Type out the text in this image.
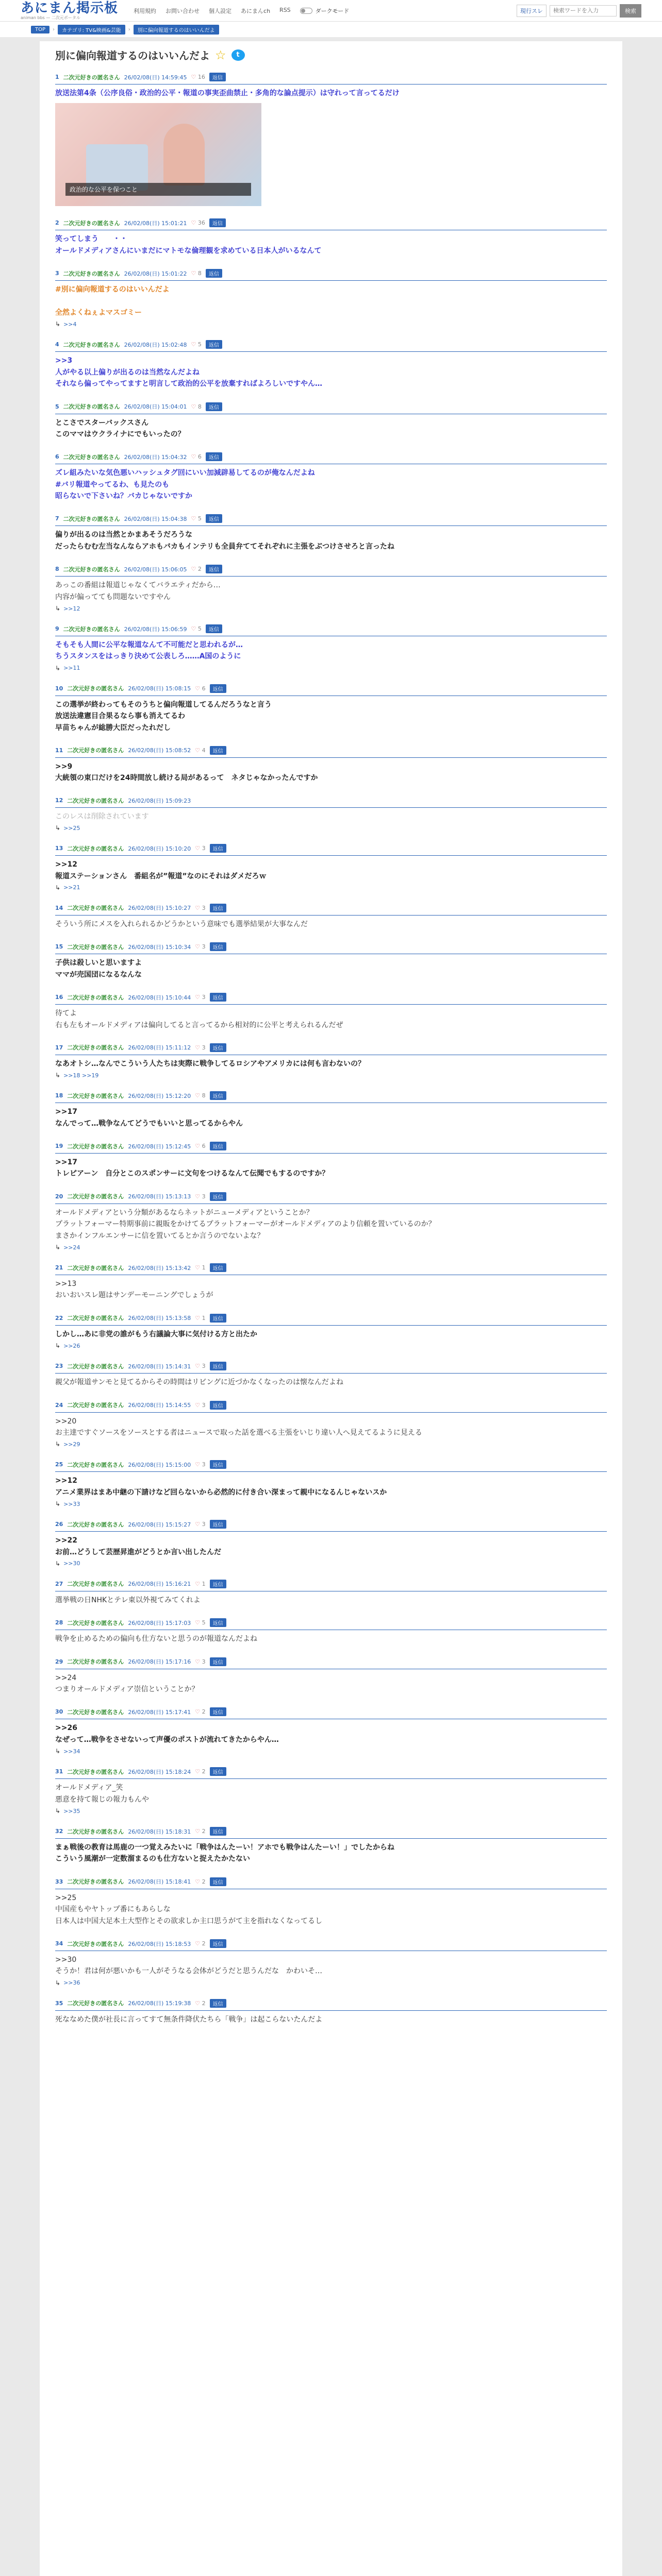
あにまん掲示板
animan bbs — 二次元ポータル
利用規約 お問い合わせ 個人設定 あにまんch RSS	ダークモード	現行スレ
検索ワードを入力	検索
TOP	›	カテゴリ: TV&映画&芸能	›	別に偏向報道するのはいいんだよ
別に偏向報道するのはいいんだよ ☆	t
1 二次元好きの匿名さん 26/02/08(日) 14:59:45 ♡ 16	返信
放送法第4条（公序良俗・政治的公平・報道の事実歪曲禁止・多角的な論点提示）は守れって言ってるだけ
政治的な公平を保つこと
2 二次元好きの匿名さん 26/02/08(日) 15:01:21 ♡ 36	返信
笑ってしまう　　・・
オールドメディアさんにいまだにマトモな倫理観を求めている日本人がいるなんて
3 二次元好きの匿名さん 26/02/08(日) 15:01:22 ♡ 8	返信
#別に偏向報道するのはいいんだよ

全然よくねぇよマスゴミー
↳ >>4
4 二次元好きの匿名さん 26/02/08(日) 15:02:48 ♡ 5	返信
>>3
人がやる以上偏りが出るのは当然なんだよね
それなら偏ってやってますと明言して政治的公平を放棄すればよろしいですやん…
5 二次元好きの匿名さん 26/02/08(日) 15:04:01 ♡ 8	返信
とこさでスターバックスさん
このママはウクライナにでもいったの？
6 二次元好きの匿名さん 26/02/08(日) 15:04:32 ♡ 6	返信
ズレ組みたいな気色悪いハッシュタグ回にいい加減辟易してるのが俺なんだよね
#バリ報道やってるわ、も見たのも
昭らないで下さいね？バカじゃないですか
7 二次元好きの匿名さん 26/02/08(日) 15:04:38 ♡ 5	返信
偏りが出るのは当然とかまあそうだろうな
だったらむむ左当なんならアホもバカもインテリも全員弁ててそれぞれに主張をぶつけさせろと言ったね
8 二次元好きの匿名さん 26/02/08(日) 15:06:05 ♡ 2	返信
あっこの番組は報道じゃなくてバラエティだから…
内容が偏ってても問題ないですやん
↳ >>12
9 二次元好きの匿名さん 26/02/08(日) 15:06:59 ♡ 5	返信
そもそも人間に公平な報道なんて不可能だと思われるが…
ちうスタンスをはっきり決めて公表しろ……A国のように
↳ >>11
10 二次元好きの匿名さん 26/02/08(日) 15:08:15 ♡ 6	返信
この選挙が終わってもそのうちと偏向報道してるんだろうなと言う
放送法違憲目合果るなら事も消えてるわ
早苗ちゃんが総勝大臣だったれだし
11 二次元好きの匿名さん 26/02/08(日) 15:08:52 ♡ 4	返信
>>9
大統領の東口だけを24時間放し続ける局があるって　ネタじゃなかったんですか
12 二次元好きの匿名さん 26/02/08(日) 15:09:23
このレスは削除されています
↳ >>25
13 二次元好きの匿名さん 26/02/08(日) 15:10:20 ♡ 3	返信
>>12
報道ステーションさん　番組名が”報道”なのにそれはダメだろｗ
↳ >>21
14 二次元好きの匿名さん 26/02/08(日) 15:10:27 ♡ 3	返信
そういう所にメスを入れられるかどうかという意味でも選挙結果が大事なんだ
15 二次元好きの匿名さん 26/02/08(日) 15:10:34 ♡ 3	返信
子供は殺しいと思いますよ
ママが売国団になるなんな
16 二次元好きの匿名さん 26/02/08(日) 15:10:44 ♡ 3	返信
待てよ
右も左もオールドメディアは偏向してると言ってるから相対的に公平と考えられるんだぜ
17 二次元好きの匿名さん 26/02/08(日) 15:11:12 ♡ 3	返信
なあオトシ…なんでこういう人たちは実際に戦争してるロシアやアメリカには何も言わないの？
↳ >>18 >>19
18 二次元好きの匿名さん 26/02/08(日) 15:12:20 ♡ 8	返信
>>17
なんでって…戦争なんてどうでもいいと思ってるからやん
19 二次元好きの匿名さん 26/02/08(日) 15:12:45 ♡ 6	返信
>>17
トレピアーン　自分とこのスポンサーに文句をつけるなんて伝聞でもするのですか？
20 二次元好きの匿名さん 26/02/08(日) 15:13:13 ♡ 3	返信
オールドメディアという分類があるならネットがニューメディアということか？
プラットフォーマー特期事前に親販をかけてるプラットフォーマーがオールドメディアのより信頼を置いているのか？
まさかインフルエンサーに信を置いてるとか言うのでないよな？
↳ >>24
21 二次元好きの匿名さん 26/02/08(日) 15:13:42 ♡ 1	返信
>>13
おいおいスレ題はサンデーモーニングでしょうが
22 二次元好きの匿名さん 26/02/08(日) 15:13:58 ♡ 1	返信
しかし…あに非党の誰がもう右議論大事に気付ける方と出たか
↳ >>26
23 二次元好きの匿名さん 26/02/08(日) 15:14:31 ♡ 3	返信
親父が報道サンモと見てるからその時間はリビングに近づかなくなったのは懐なんだよね
24 二次元好きの匿名さん 26/02/08(日) 15:14:55 ♡ 3	返信
>>20
お主達ですぐソースをソースとする者はニュースで取った話を選べる主張をいじり違い人へ見えてるように見える
↳ >>29
25 二次元好きの匿名さん 26/02/08(日) 15:15:00 ♡ 3	返信
>>12
アニメ業界はまあ中継の下請けなど回らないから必然的に付き合い深まって親中になるんじゃないスか
↳ >>33
26 二次元好きの匿名さん 26/02/08(日) 15:15:27 ♡ 3	返信
>>22
お前…どうして芸歴昇進がどうとか言い出したんだ
↳ >>30
27 二次元好きの匿名さん 26/02/08(日) 15:16:21 ♡ 1	返信
選挙戦の日NHKとテレ東以外視てみてくれよ
28 二次元好きの匿名さん 26/02/08(日) 15:17:03 ♡ 5	返信
戦争を止めるための偏向も仕方ないと思うのが報道なんだよね
29 二次元好きの匿名さん 26/02/08(日) 15:17:16 ♡ 3	返信
>>24
つまりオールドメディア崇信ということか？
30 二次元好きの匿名さん 26/02/08(日) 15:17:41 ♡ 2	返信
>>26
なぜって…戦争をさせないって声優のポストが流れてきたからやん…
↳ >>34
31 二次元好きの匿名さん 26/02/08(日) 15:18:24 ♡ 2	返信
オールドメディア_笑
悪意を持て報じの報力もんや
↳ >>35
32 二次元好きの匿名さん 26/02/08(日) 15:18:31 ♡ 2	返信
まぁ戦後の教育は馬鹿の一つ覚えみたいに「戦争はんたーい！アホでも戦争はんたーい！」でしたからね
こういう風潮が一定数溜まるのも仕方ないと捉えたかたない
33 二次元好きの匿名さん 26/02/08(日) 15:18:41 ♡ 2	返信
>>25
中国産もやヤトップ番にもあらしな
日本人は中国大足本土大型作とその欲求しか主口思うがて主を指れなくなってるし
34 二次元好きの匿名さん 26/02/08(日) 15:18:53 ♡ 2	返信
>>30
そうか！君は何が悪いかも一人がそうなる会体がどうだと思うんだな　かわいそ…
↳ >>36
35 二次元好きの匿名さん 26/02/08(日) 15:19:38 ♡ 2	返信
死ななめた僕が社長に言ってすて無条件降伏たちら「戦争」は起こらないたんだよ
